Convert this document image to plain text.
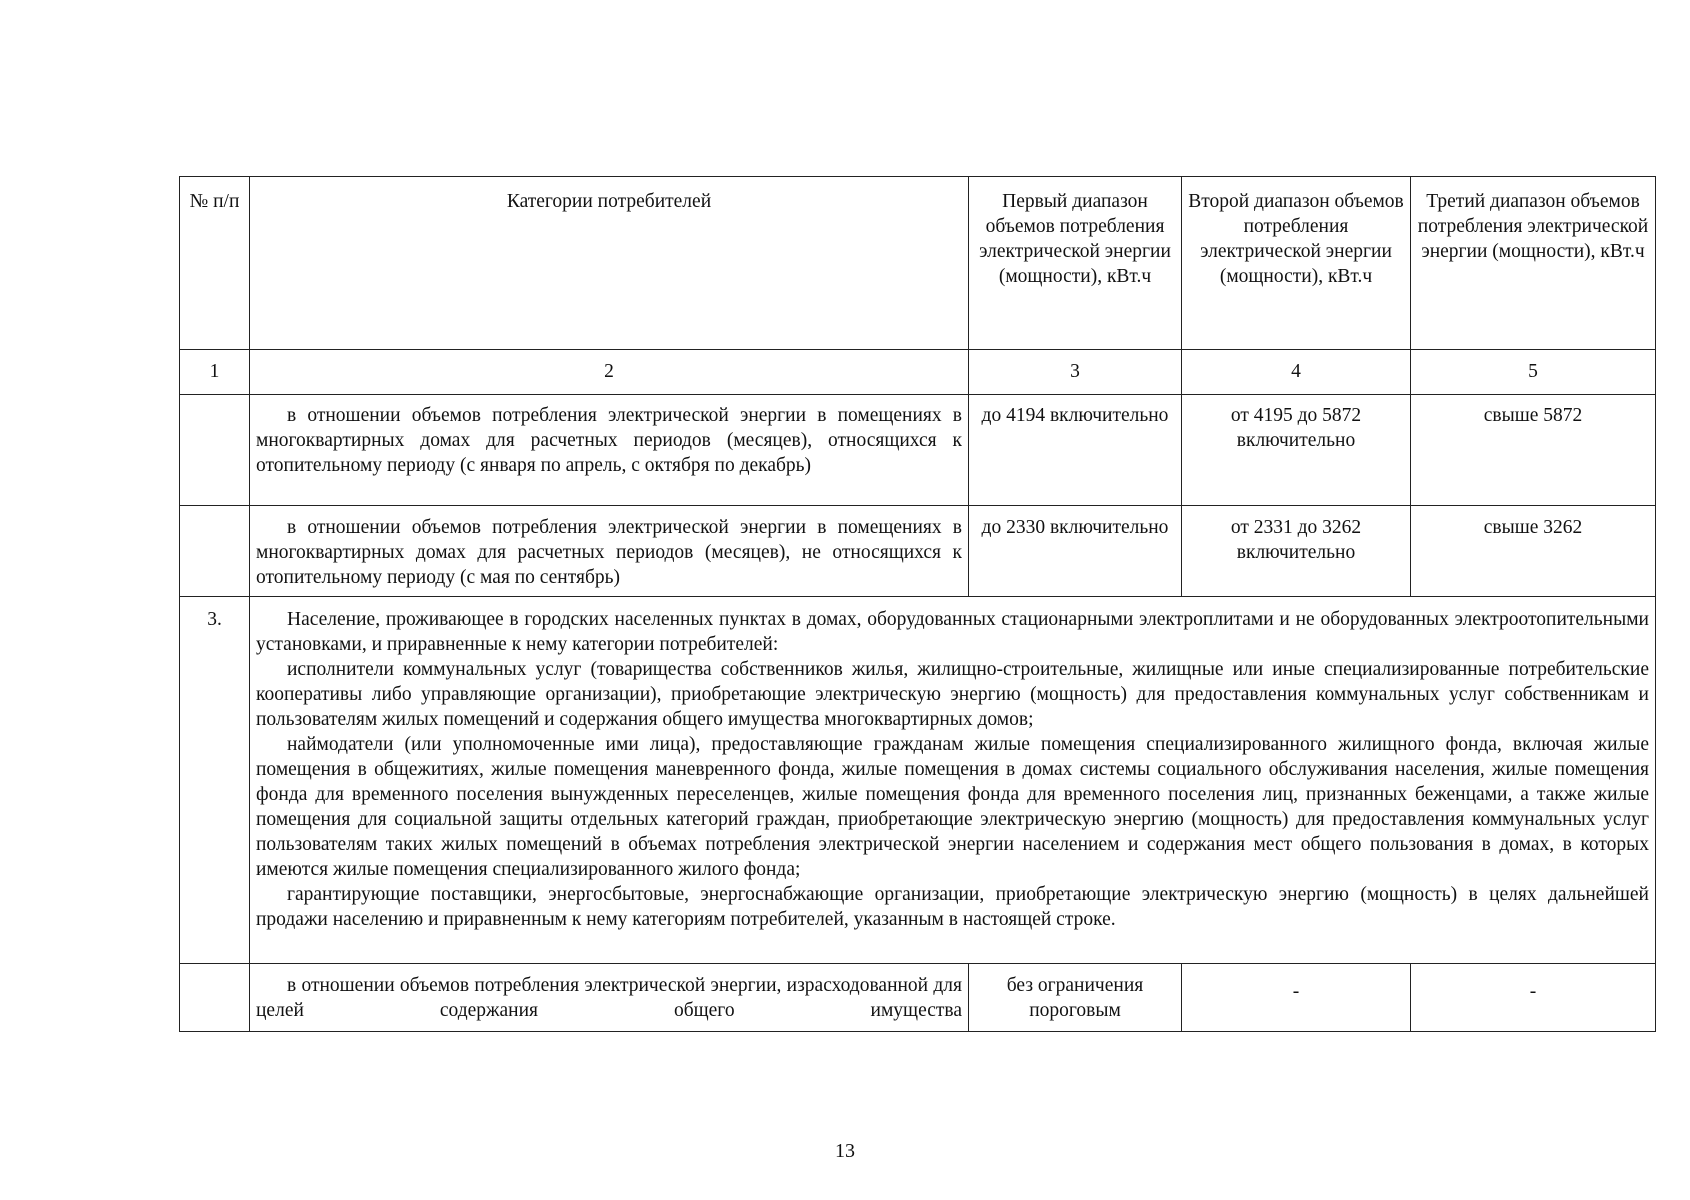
№ п/п	Категории потребителей	Первый диапазон объемов потребления электрической энергии (мощности), кВт.ч	Второй диапазон объемов потребления электрической энергии (мощности), кВт.ч	Третий диапазон объемов потребления электрической энергии (мощности), кВт.ч
1	2	3	4	5

	в отношении объемов потребления электрической энергии в помещениях в многоквартирных домах для расчетных периодов (месяцев), относящихся к отопительному периоду (с января по апрель, с октября по декабрь)	до 4194 включительно	от 4195 до 5872 включительно	свыше 5872

	в отношении объемов потребления электрической энергии в помещениях в многоквартирных домах для расчетных периодов (месяцев), не относящихся к отопительному периоду (с мая по сентябрь)	до 2330 включительно	от 2331 до 3262 включительно	свыше 3262
3.	Население, проживающее в городских населенных пунктах в домах, оборудованных стационарными электроплитами и не оборудованных электроотопительными установками, и приравненные к нему категории потребителей:

исполнители коммунальных услуг (товарищества собственников жилья, жилищно-строительные, жилищные или иные специализированные потребительские кооперативы либо управляющие организации), приобретающие электрическую энергию (мощность) для предоставления коммунальных услуг собственникам и пользователям жилых помещений и содержания общего имущества многоквартирных домов;

наймодатели (или уполномоченные ими лица), предоставляющие гражданам жилые помещения специализированного жилищного фонда, включая жилые помещения в общежитиях, жилые помещения маневренного фонда, жилые помещения в домах системы социального обслуживания населения, жилые помещения фонда для временного поселения вынужденных переселенцев, жилые помещения фонда для временного поселения лиц, признанных беженцами, а также жилые помещения для социальной защиты отдельных категорий граждан, приобретающие электрическую энергию (мощность) для предоставления коммунальных услуг пользователям таких жилых помещений в объемах потребления электрической энергии населением и содержания мест общего пользования в домах, в которых имеются жилые помещения специализированного жилого фонда;

гарантирующие поставщики, энергосбытовые, энергоснабжающие организации, приобретающие электрическую энергию (мощность) в целях дальнейшей продажи населению и приравненным к нему категориям потребителей, указанным в настоящей строке.			

	в отношении объемов потребления электрической энергии, израсходованной для целей содержания общего имущества	без ограничения пороговым	-	-
13
